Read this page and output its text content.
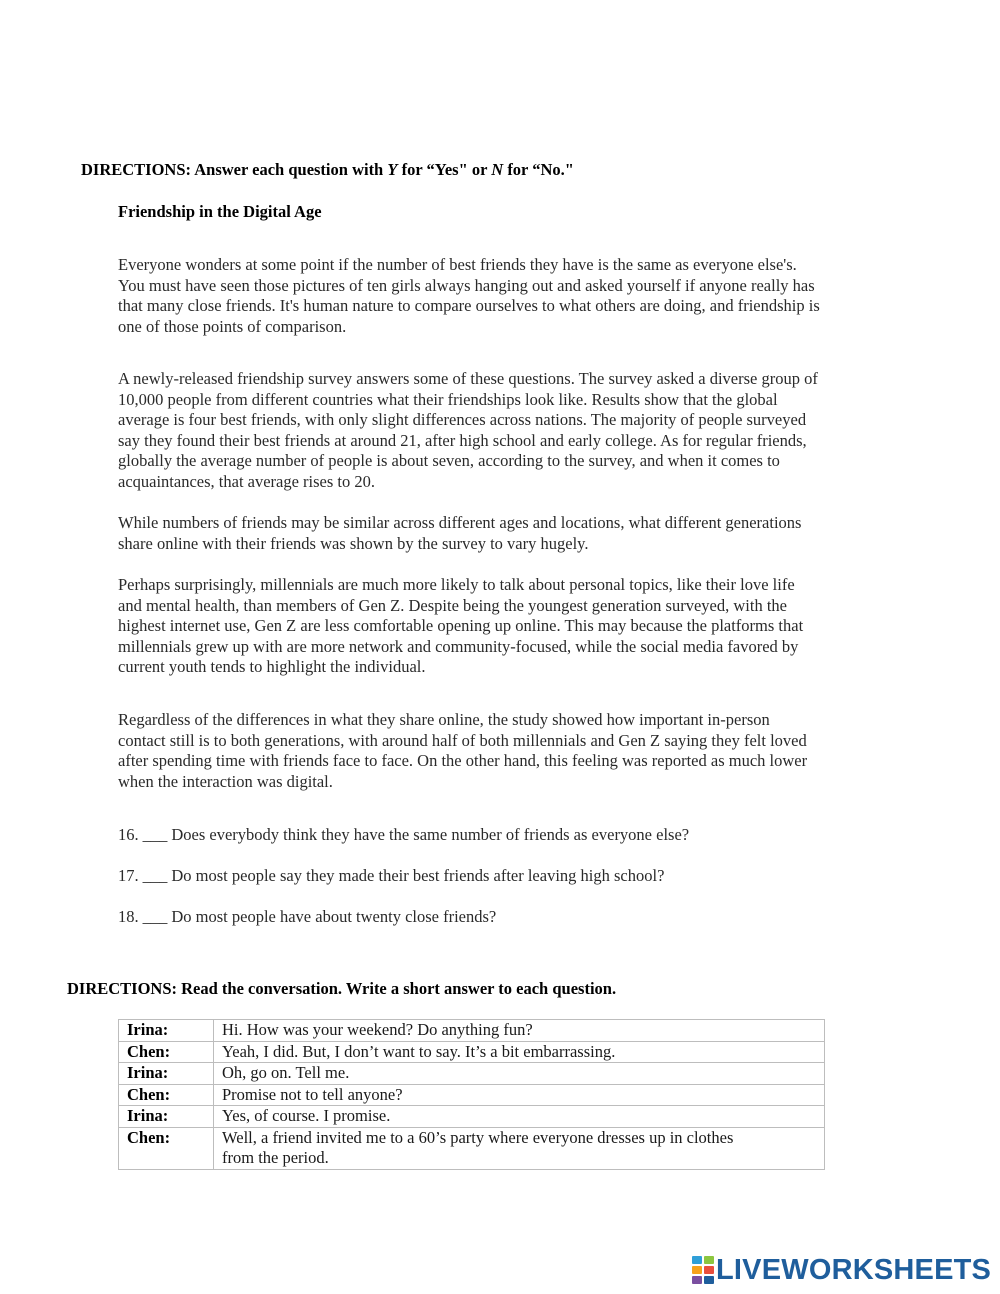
DIRECTIONS: Answer each question with Y for “Yes" or N for “No."
Friendship in the Digital Age

Everyone wonders at some point if the number of best friends they have is the same as everyone else's.
You must have seen those pictures of ten girls always hanging out and asked yourself if anyone really has
that many close friends. It's human nature to compare ourselves to what others are doing, and friendship is
one of those points of comparison.

A newly-released friendship survey answers some of these questions. The survey asked a diverse group of
10,000 people from different countries what their friendships look like. Results show that the global
average is four best friends, with only slight differences across nations. The majority of people surveyed
say they found their best friends at around 21, after high school and early college. As for regular friends,
globally the average number of people is about seven, according to the survey, and when it comes to
acquaintances, that average rises to 20.

While numbers of friends may be similar across different ages and locations, what different generations
share online with their friends was shown by the survey to vary hugely.

Perhaps surprisingly, millennials are much more likely to talk about personal topics, like their love life
and mental health, than members of Gen Z. Despite being the youngest generation surveyed, with the
highest internet use, Gen Z are less comfortable opening up online. This may because the platforms that
millennials grew up with are more network and community-focused, while the social media favored by
current youth tends to highlight the individual.

Regardless of the differences in what they share online, the study showed how important in-person
contact still is to both generations, with around half of both millennials and Gen Z saying they felt loved
after spending time with friends face to face. On the other hand, this feeling was reported as much lower
when the interaction was digital.

16. ___ Does everybody think they have the same number of friends as everyone else?
17. ___ Do most people say they made their best friends after leaving high school?
18. ___ Do most people have about twenty close friends?
DIRECTIONS: Read the conversation. Write a short answer to each question.
Irina:	Hi. How was your weekend? Do anything fun?

Chen:	Yeah, I did. But, I don’t want to say. It’s a bit embarrassing.

Irina:	Oh, go on. Tell me.

Chen:	Promise not to tell anyone?

Irina:	Yes, of course. I promise.

Chen:	Well, a friend invited me to a 60’s party where everyone dresses up in clothes
from the period.
LIVEWORKSHEETS
